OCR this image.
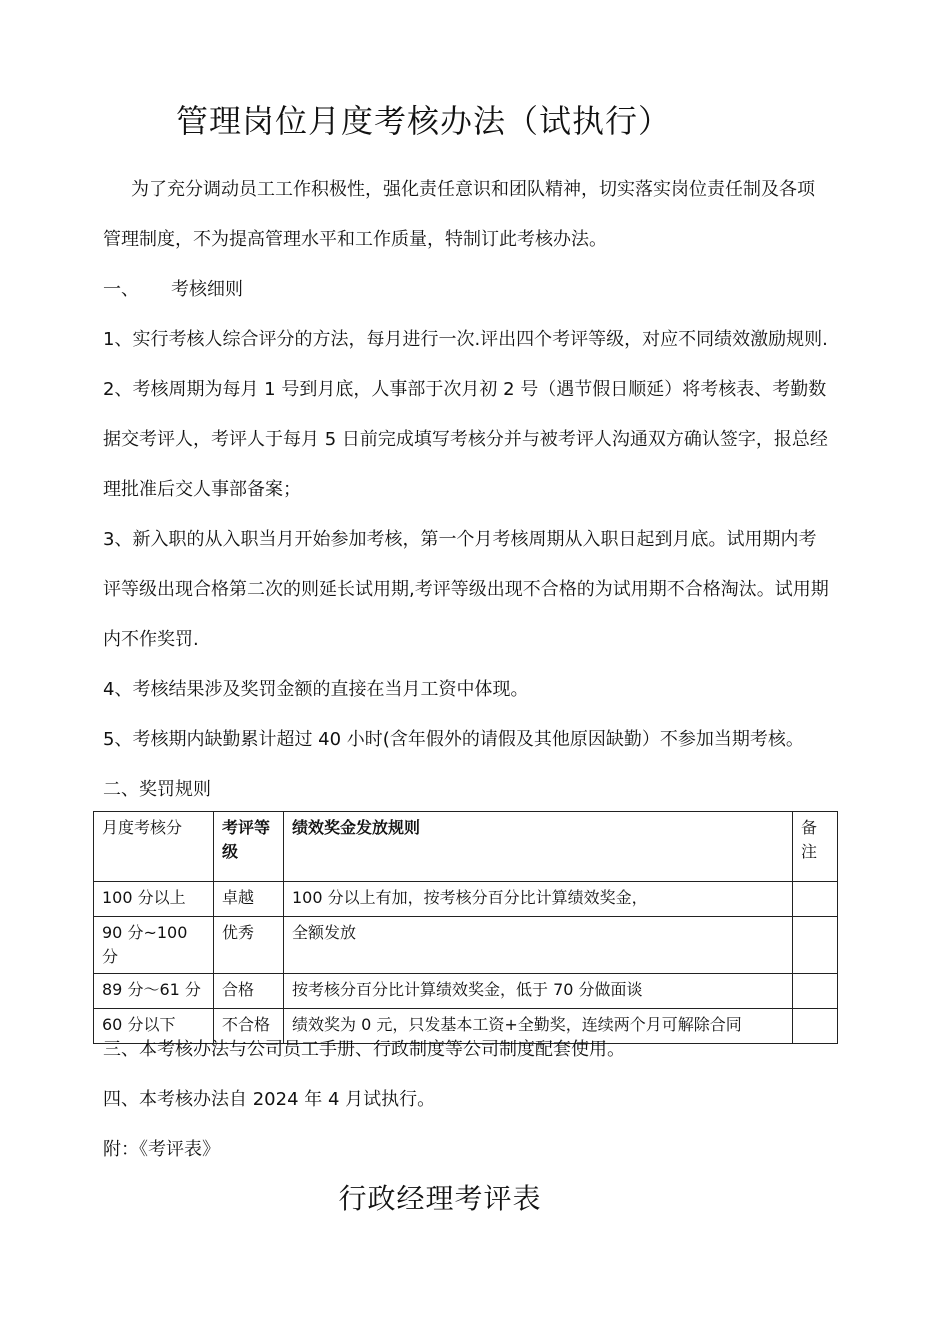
管理岗位月度考核办法（试执行）
为了充分调动员工工作积极性，强化责任意识和团队精神，切实落实岗位责任制及各项
管理制度，不为提高管理水平和工作质量，特制订此考核办法。
一、 考核细则
1、实行考核人综合评分的方法，每月进行一次.评出四个考评等级，对应不同绩效激励规则.
2、考核周期为每月 1 号到月底，人事部于次月初 2 号（遇节假日顺延）将考核表、考勤数
据交考评人，考评人于每月 5 日前完成填写考核分并与被考评人沟通双方确认签字，报总经
理批准后交人事部备案；
3、新入职的从入职当月开始参加考核，第一个月考核周期从入职日起到月底。试用期内考
评等级出现合格第二次的则延长试用期,考评等级出现不合格的为试用期不合格淘汰。试用期
内不作奖罚.
4、考核结果涉及奖罚金额的直接在当月工资中体现。
5、考核期内缺勤累计超过 40 小时(含年假外的请假及其他原因缺勤）不参加当期考核。
二、奖罚规则
月度考核分	考评等级	绩效奖金发放规则	备注
100 分以上	卓越	100 分以上有加，按考核分百分比计算绩效奖金，	
90 分~100 分	优秀	全额发放	
89 分～61 分	合格	按考核分百分比计算绩效奖金，低于 70 分做面谈	
60 分以下	不合格	绩效奖为 0 元，只发基本工资+全勤奖，连续两个月可解除合同	
三、本考核办法与公司员工手册、行政制度等公司制度配套使用。
四、本考核办法自 2024 年 4 月试执行。
附：《考评表》
行政经理考评表
